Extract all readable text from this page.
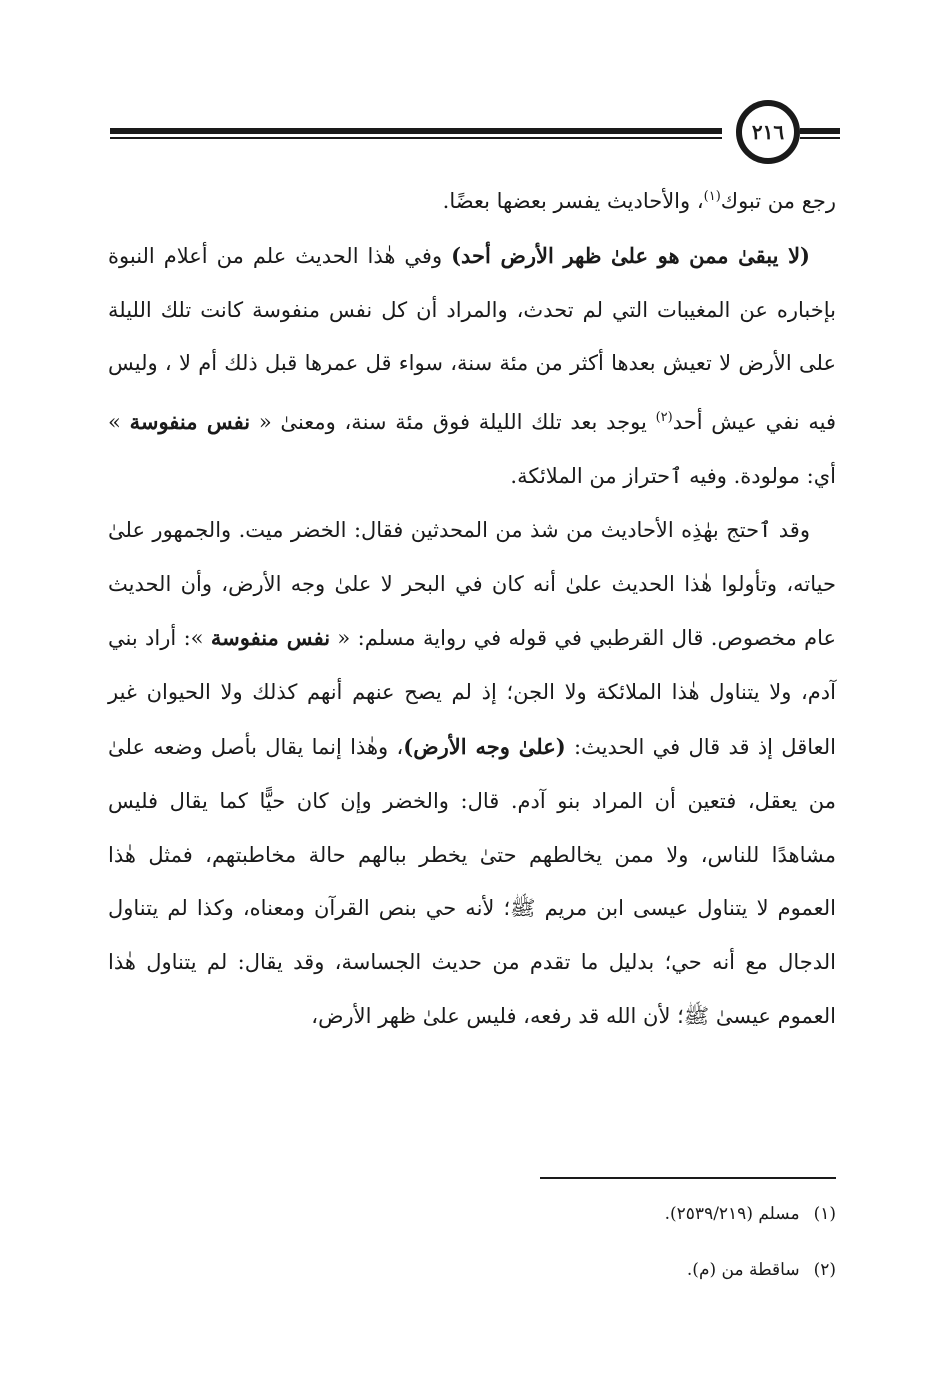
٢١٦

رجع من تبوك$^{(١)}$، والأحاديث يفسر بعضها بعضًا.

(لا يبقىٰ ممن هو علىٰ ظهر الأرض أحد) وفي هٰذا الحديث علم من أعلام النبوة بإخباره عن المغيبات التي لم تحدث، والمراد أن كل نفس منفوسة كانت تلك الليلة على الأرض لا تعيش بعدها أكثر من مئة سنة، سواء قل عمرها قبل ذلك أم لا ، وليس فيه نفي عيش أحد$^{(٢)}$ يوجد بعد تلك الليلة فوق مئة سنة، ومعنىٰ « نفس منفوسة » أي: مولودة. وفيه ٱحتراز من الملائكة.

وقد ٱحتج بهٰذِه الأحاديث من شذ من المحدثين فقال: الخضر ميت. والجمهور علىٰ حياته، وتأولوا هٰذا الحديث علىٰ أنه كان في البحر لا علىٰ وجه الأرض، وأن الحديث عام مخصوص. قال القرطبي في قوله في رواية مسلم: « نفس منفوسة »: أراد بني آدم، ولا يتناول هٰذا الملائكة ولا الجن؛ إذ لم يصح عنهم أنهم كذلك ولا الحيوان غير العاقل إذ قد قال في الحديث: (علىٰ وجه الأرض)، وهٰذا إنما يقال بأصل وضعه علىٰ من يعقل، فتعين أن المراد بنو آدم. قال: والخضر وإن كان حيًّا كما يقال فليس مشاهدًا للناس، ولا ممن يخالطهم حتىٰ يخطر ببالهم حالة مخاطبتهم، فمثل هٰذا العموم لا يتناول عيسى ابن مريم ﷺ؛ لأنه حي بنص القرآن ومعناه، وكذا لم يتناول الدجال مع أنه حي؛ بدليل ما تقدم من حديث الجساسة، وقد يقال: لم يتناول هٰذا العموم عيسىٰ ﷺ؛ لأن الله قد رفعه، فليس علىٰ ظهر الأرض،

(١)مسلم (٢٥٣٩/٢١٩).

(٢)ساقطة من (م).
